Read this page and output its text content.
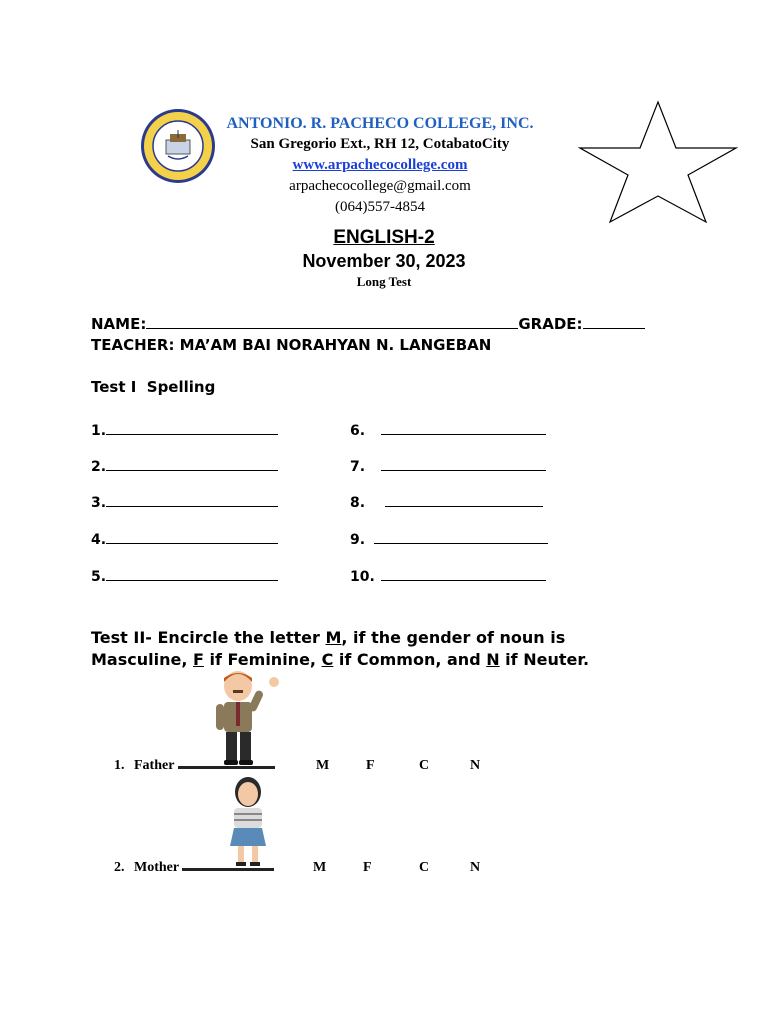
ANTONIO. R. PACHECO COLLEGE, INC.
San Gregorio Ext., RH 12, CotabatoCity
www.arpachecocollege.com
arpachecocollege@gmail.com
(064)557-4854
ENGLISH-2
November 30, 2023
Long Test
NAME:	GRADE:
TEACHER: MA’AM BAI NORAHYAN N. LANGEBAN
Test I  Spelling
1.
2.
3.
4.
5.
6.
7.
8.
9.
10.

Test II- Encircle the letter M, if the gender of noun is
Masculine, F if Feminine, C if Common, and N if Neuter.
1. Father	M	F	C	N
2. Mother	M	F	C	N
